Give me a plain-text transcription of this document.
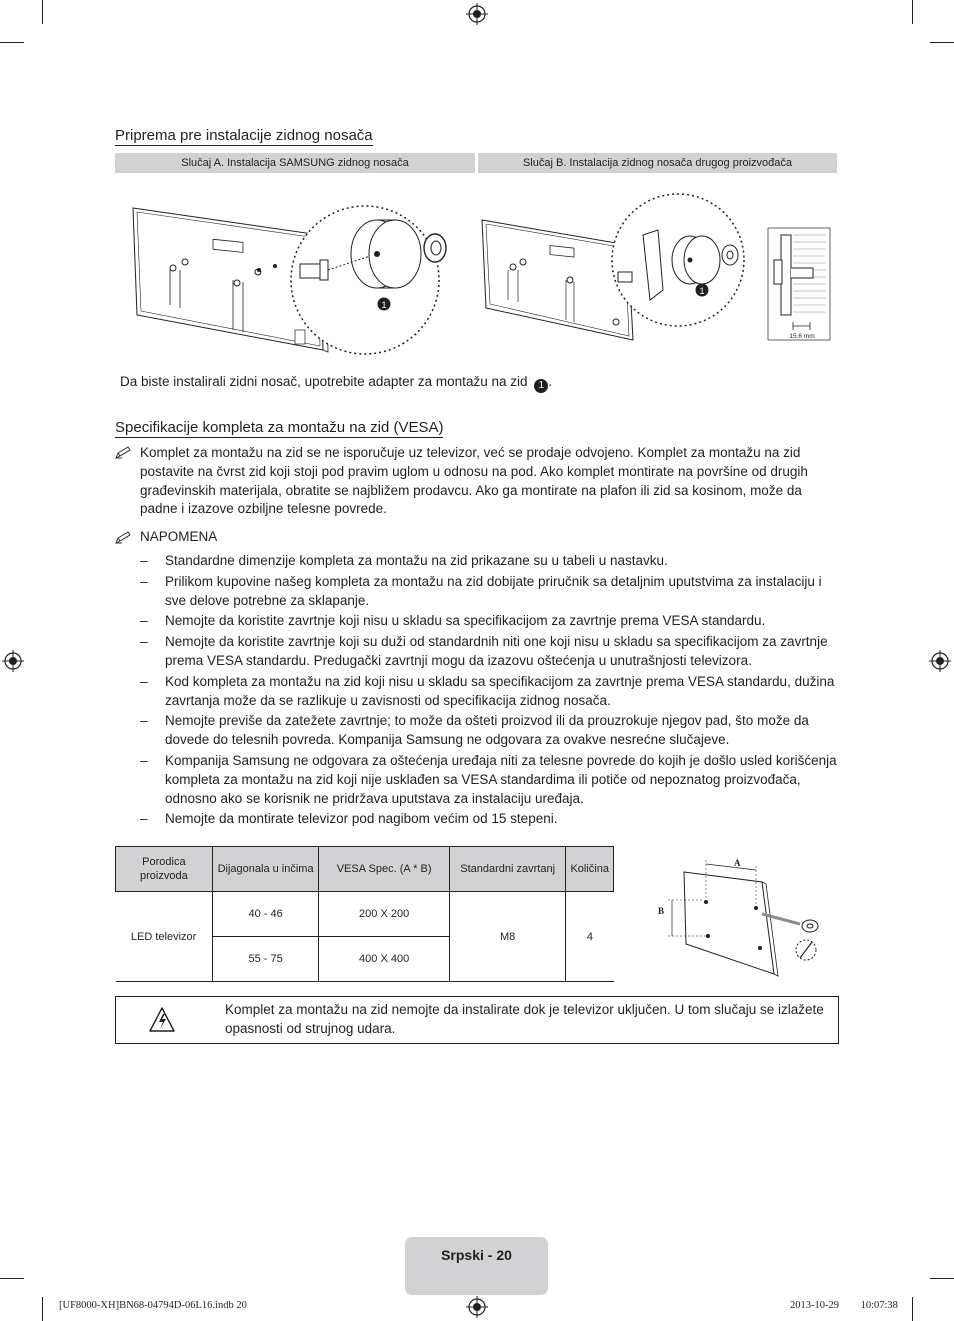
Priprema pre instalacije zidnog nosača
Slučaj A. Instalacija SAMSUNG zidnog nosača	Slučaj B. Instalacija zidnog nosača drugog proizvođača
1
1
15.6 mm
Da biste instalirali zidni nosač, upotrebite adapter za montažu na zid 1 .
Specifikacije kompleta za montažu na zid (VESA)
Komplet za montažu na zid se ne isporučuje uz televizor, već se prodaje odvojeno. Komplet za montažu na zid postavite na čvrst zid koji stoji pod pravim uglom u odnosu na pod. Ako komplet montirate na površine od drugih građevinskih materijala, obratite se najbližem prodavcu. Ako ga montirate na plafon ili zid sa kosinom, može da padne i izazove ozbiljne telesne povrede.
NAPOMENA
– Standardne dimenzije kompleta za montažu na zid prikazane su u tabeli u nastavku.
– Prilikom kupovine našeg kompleta za montažu na zid dobijate priručnik sa detaljnim uputstvima za instalaciju i sve delove potrebne za sklapanje.
– Nemojte da koristite zavrtnje koji nisu u skladu sa specifikacijom za zavrtnje prema VESA standardu.
– Nemojte da koristite zavrtnje koji su duži od standardnih niti one koji nisu u skladu sa specifikacijom za zavrtnje prema VESA standardu. Predugački zavrtnji mogu da izazovu oštećenja u unutrašnjosti televizora.
– Kod kompleta za montažu na zid koji nisu u skladu sa specifikacijom za zavrtnje prema VESA standardu, dužina zavrtanja može da se razlikuje u zavisnosti od specifikacija zidnog nosača.
– Nemojte previše da zatežete zavrtnje; to može da ošteti proizvod ili da prouzrokuje njegov pad, što može da dovede do telesnih povreda. Kompanija Samsung ne odgovara za ovakve nesrećne slučajeve.
– Kompanija Samsung ne odgovara za oštećenja uređaja niti za telesne povrede do kojih je došlo usled korišćenja kompleta za montažu na zid koji nije usklađen sa VESA standardima ili potiče od nepoznatog proizvođača, odnosno ako se korisnik ne pridržava uputstava za instalaciju uređaja.
– Nemojte da montirate televizor pod nagibom većim od 15 stepeni.
Porodica proizvoda	Dijagonala u inčima	VESA Spec. (A * B)	Standardni zavrtanj	Količina
LED televizor	40 - 46	200 X 200	M8	4
	55 - 75	400 X 400		
A
B
Komplet za montažu na zid nemojte da instalirate dok je televizor uključen. U tom slučaju se izlažete opasnosti od strujnog udara.
Srpski - 20
[UF8000-XH]BN68-04794D-06L16.indb 20	2013-10-29 ￿￿ 10:07:38
